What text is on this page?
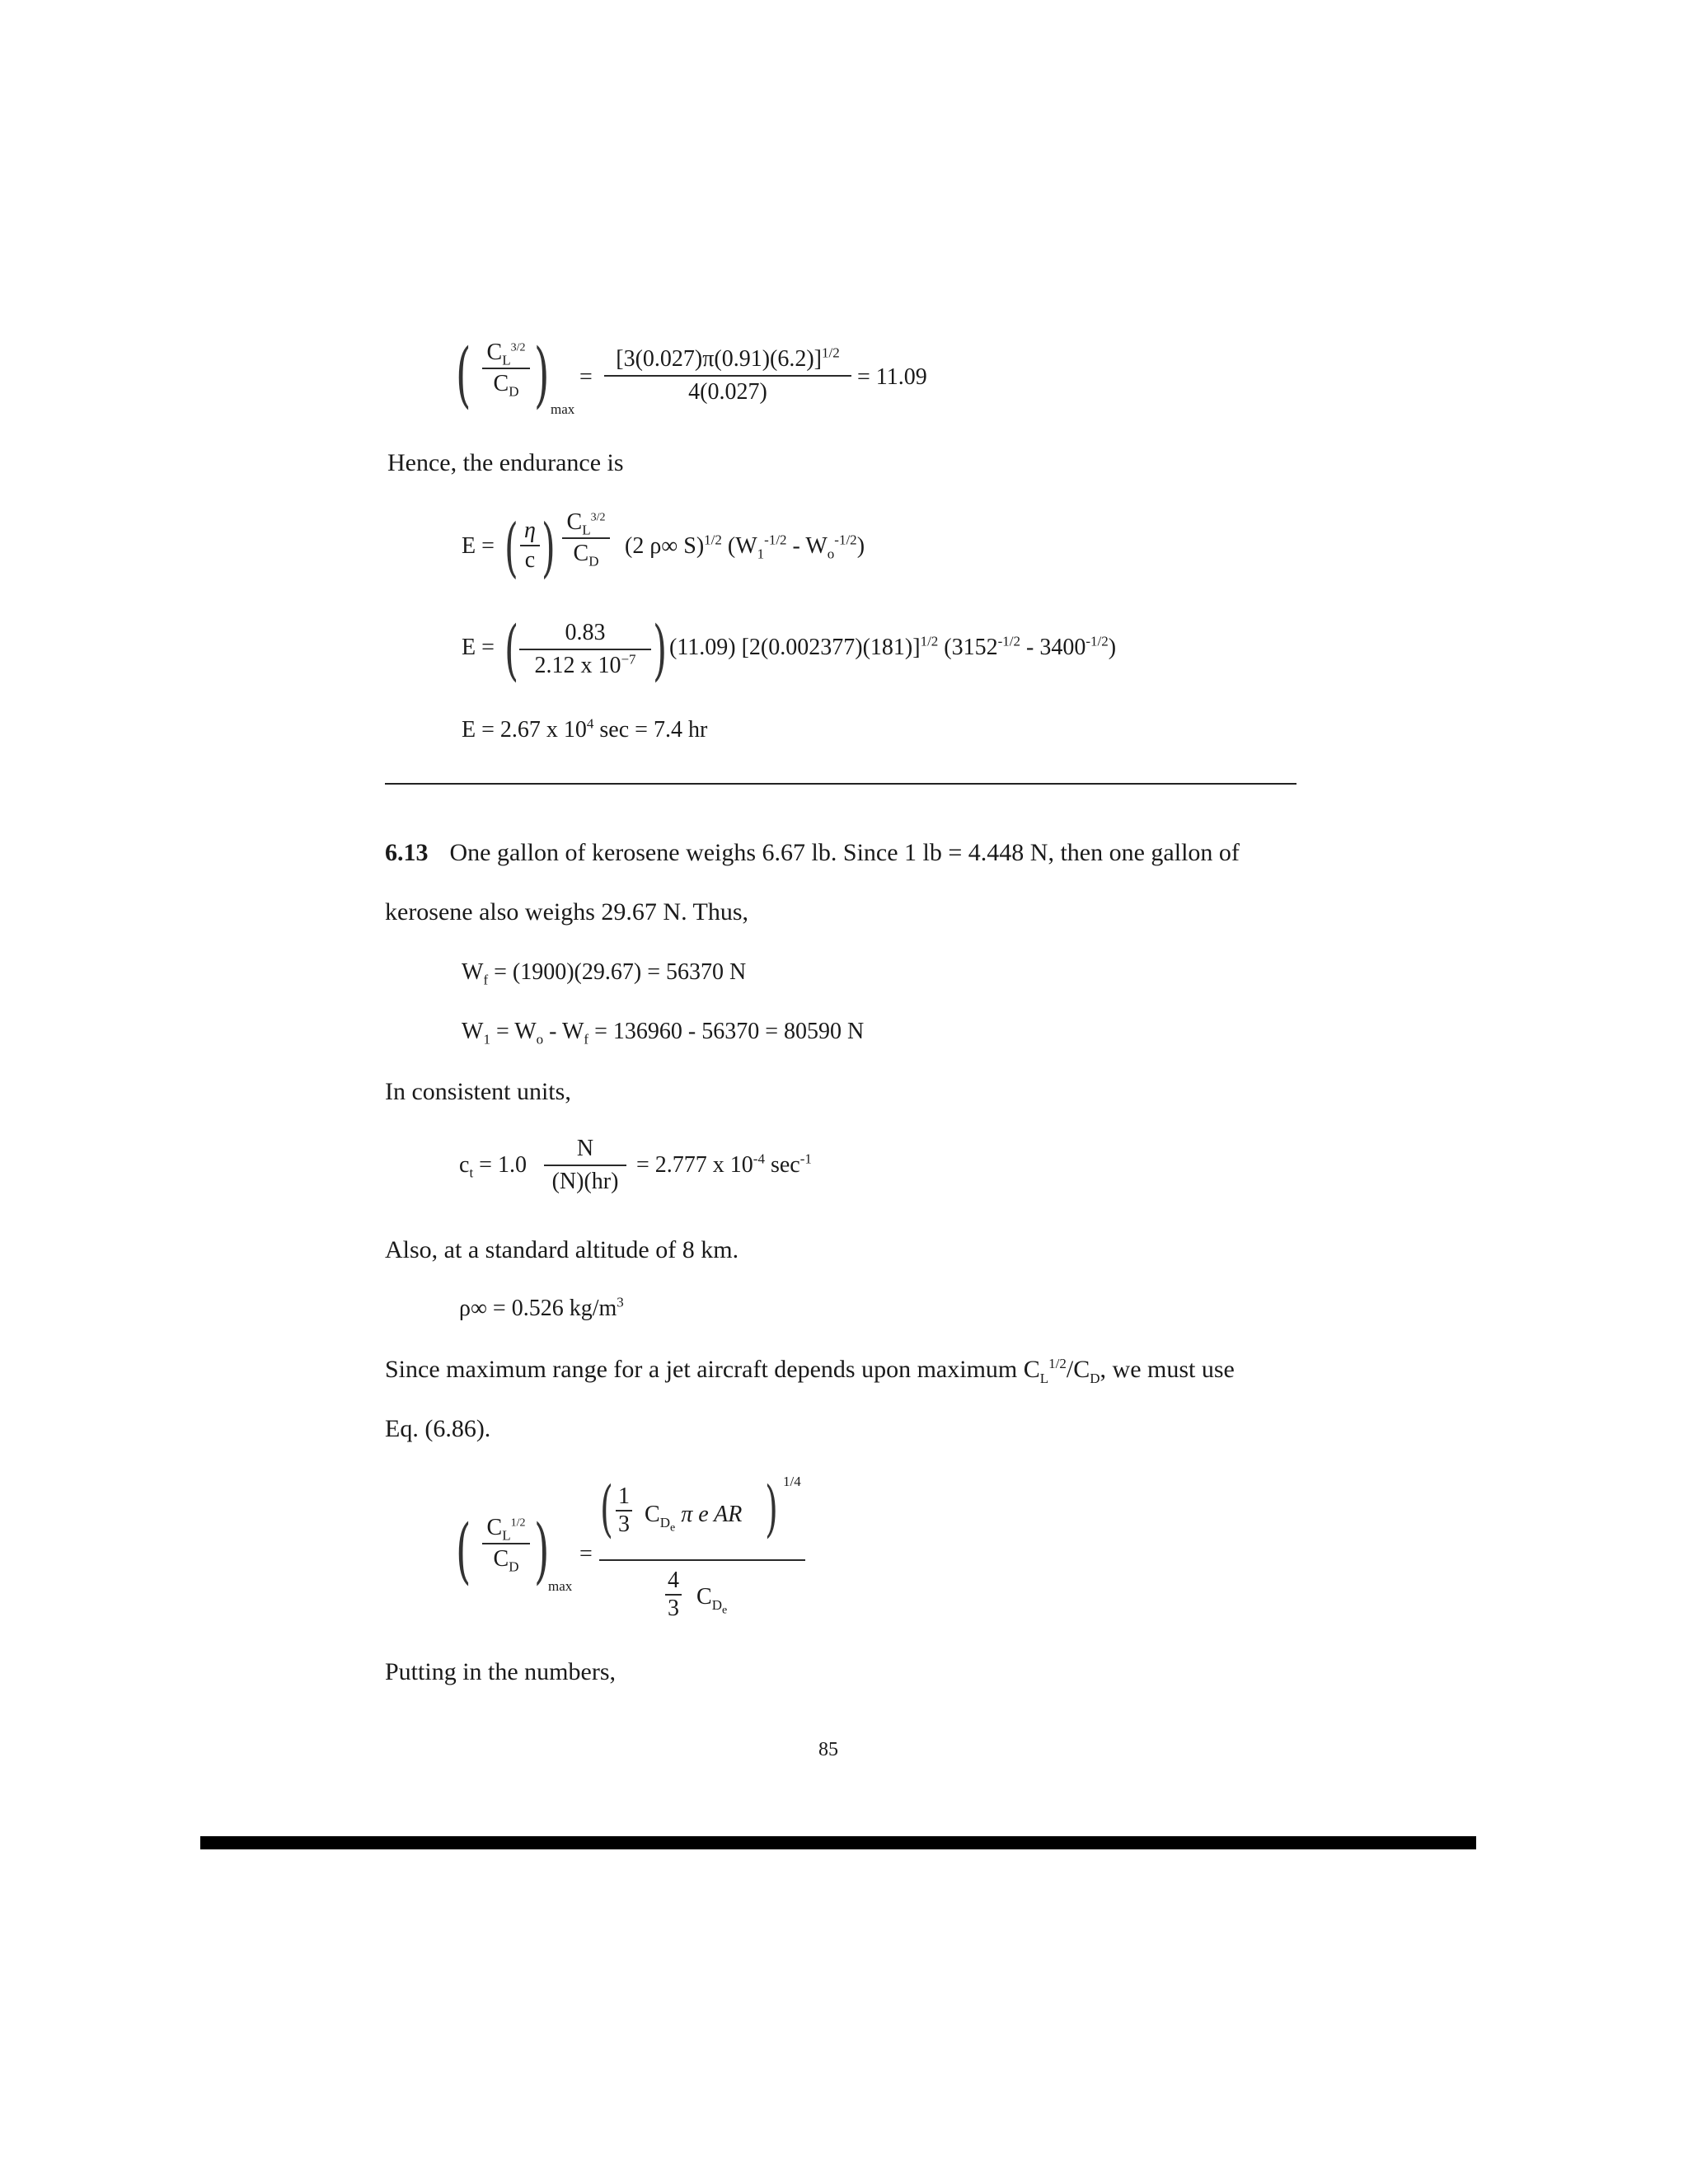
( $C_L^{3/2}$
$C_D$ ) max
=
$[3(0.027)\pi(0.91)(6.2)]^{1/2}$
4(0.027)
= 11.09
Hence, the endurance is
E = ( η
c ) $C_L^{3/2}$
$C_D$
(2 ρ∞ S)$^{1/2}$ $(W_1^{-1/2} - W_o^{-1/2})$
E = ( 0.83
2.12 x $10^{-7}$ ) (11.09) $[2(0.002377)(181)]^{1/2}$ $(3152^{-1/2} - 3400^{-1/2})$
E = 2.67 x $10^4$ sec = 7.4 hr
6.13 One gallon of kerosene weighs 6.67 lb. Since 1 lb = 4.448 N, then one gallon of
kerosene also weighs 29.67 N. Thus,
$W_f = (1900)(29.67) = 56370$ N
$W_1 = W_o - W_f = 136960 - 56370 = 80590$ N
In consistent units,
$c_t = 1.0$
N
(N)(hr)
= 2.777 x $10^{-4}$ $\sec^{-1}$
Also, at a standard altitude of 8 km.
ρ∞ = 0.526 $kg/m^3$
Since maximum range for a jet aircraft depends upon maximum $C_L^{1/2}/C_D$, we must use
Eq. (6.86).
( $C_L^{1/2}$
$C_D$ )
max
=
( 1
3 $C_{D_e}$ π e AR ) 1/4
4
3 $C_{D_e}$
Putting in the numbers,
85
